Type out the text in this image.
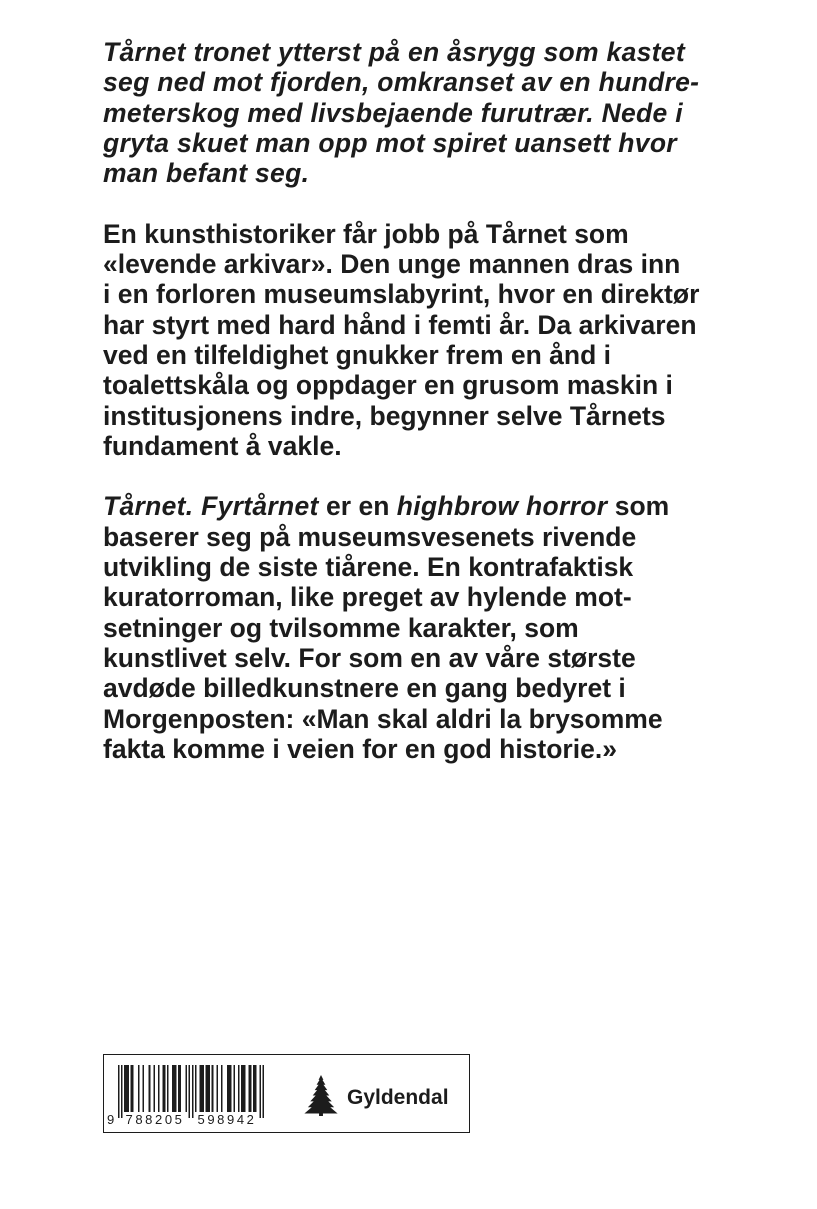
Tårnet tronet ytterst på en åsrygg som kastet
seg ned mot fjorden, omkranset av en hundre-
meterskog med livsbejaende furutrær. Nede i
gryta skuet man opp mot spiret uansett hvor
man befant seg.
En kunsthistoriker får jobb på Tårnet som
«levende arkivar». Den unge mannen dras inn
i en forloren museumslabyrint, hvor en direktør
har styrt med hard hånd i femti år. Da arkivaren
ved en tilfeldighet gnukker frem en ånd i
toalettskåla og oppdager en grusom maskin i
institusjonens indre, begynner selve Tårnets
fundament å vakle.
Tårnet. Fyrtårnet er en highbrow horror som
baserer seg på museumsvesenets rivende
utvikling de siste tiårene. En kontrafaktisk
kuratorroman, like preget av hylende mot-
setninger og tvilsomme karakter, som
kunstlivet selv. For som en av våre største
avdøde billedkunstnere en gang bedyret i
Morgenposten: «Man skal aldri la brysomme
fakta komme i veien for en god historie.»
9 788205 598942
Gyldendal
